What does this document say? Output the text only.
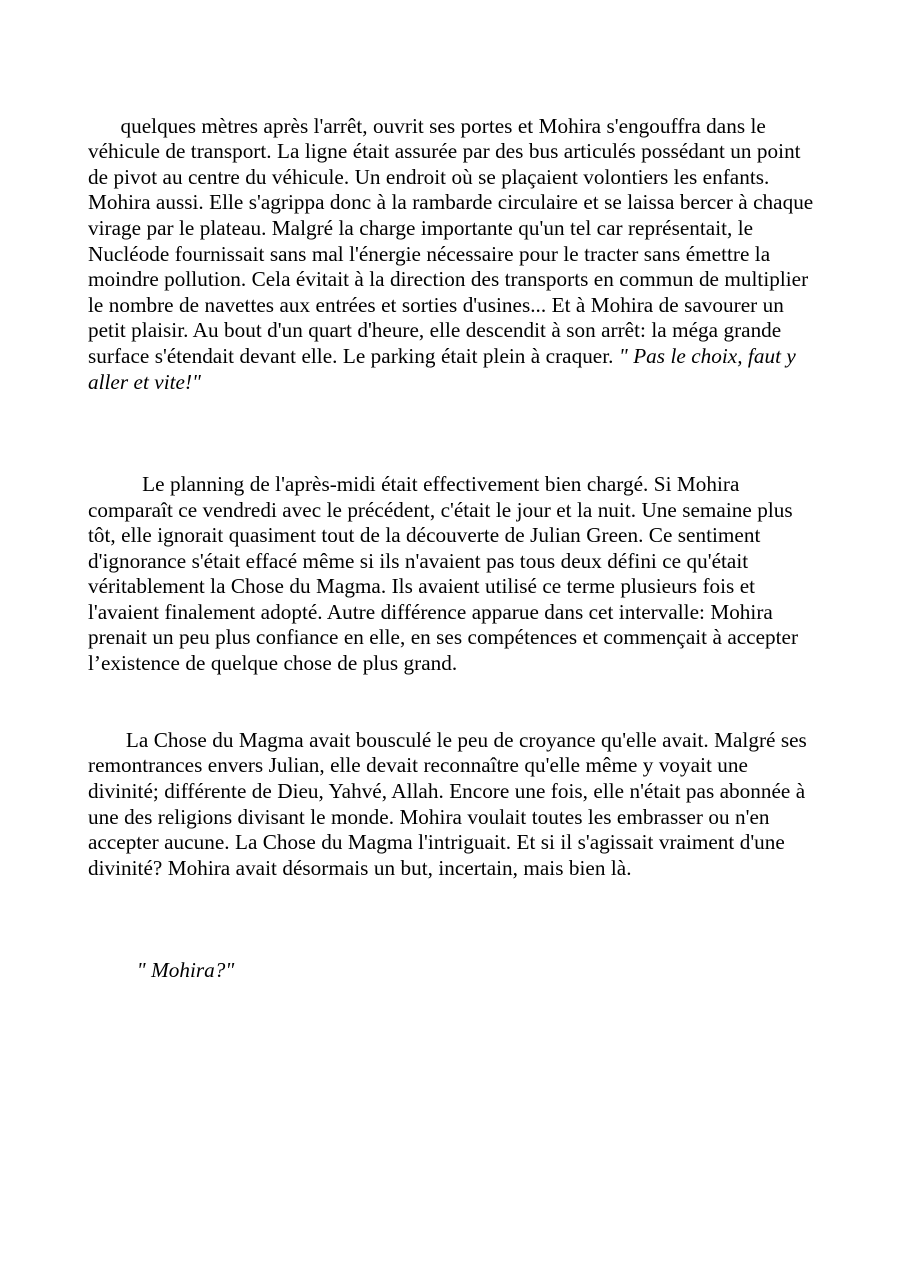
quelques mètres après l'arrêt, ouvrit ses portes et Mohira s'engouffra dans le véhicule de transport. La ligne était assurée par des bus articulés possédant un point de pivot au centre du véhicule. Un endroit où se plaçaient volontiers les enfants. Mohira aussi. Elle s'agrippa donc à la rambarde circulaire et se laissa bercer à chaque virage par le plateau. Malgré la charge importante qu'un tel car représentait, le Nucléode fournissait sans mal l'énergie nécessaire pour le tracter sans émettre la moindre pollution. Cela évitait à la direction des transports en commun de multiplier le nombre de navettes aux entrées et sorties d'usines... Et à Mohira de savourer un petit plaisir. Au bout d'un quart d'heure, elle descendit à son arrêt: la méga grande surface s'étendait devant elle. Le parking était plein à craquer. " Pas le choix, faut y aller et vite!"

Le planning de l'après-midi était effectivement bien chargé. Si Mohira comparaît ce vendredi avec le précédent, c'était le jour et la nuit. Une semaine plus tôt, elle ignorait quasiment tout de la découverte de Julian Green. Ce sentiment d'ignorance s'était effacé même si ils n'avaient pas tous deux défini ce qu'était véritablement la Chose du Magma. Ils avaient utilisé ce terme plusieurs fois et l'avaient finalement adopté. Autre différence apparue dans cet intervalle: Mohira prenait un peu plus confiance en elle, en ses compétences et commençait à accepter l’existence de quelque chose de plus grand.

La Chose du Magma avait bousculé le peu de croyance qu'elle avait. Malgré ses remontrances envers Julian, elle devait reconnaître qu'elle même y voyait une divinité; différente de Dieu, Yahvé, Allah. Encore une fois, elle n'était pas abonnée à une des religions divisant le monde. Mohira voulait toutes les embrasser ou n'en accepter aucune. La Chose du Magma l'intriguait. Et si il s'agissait vraiment d'une divinité? Mohira avait désormais un but, incertain, mais bien là.

" Mohira?"
